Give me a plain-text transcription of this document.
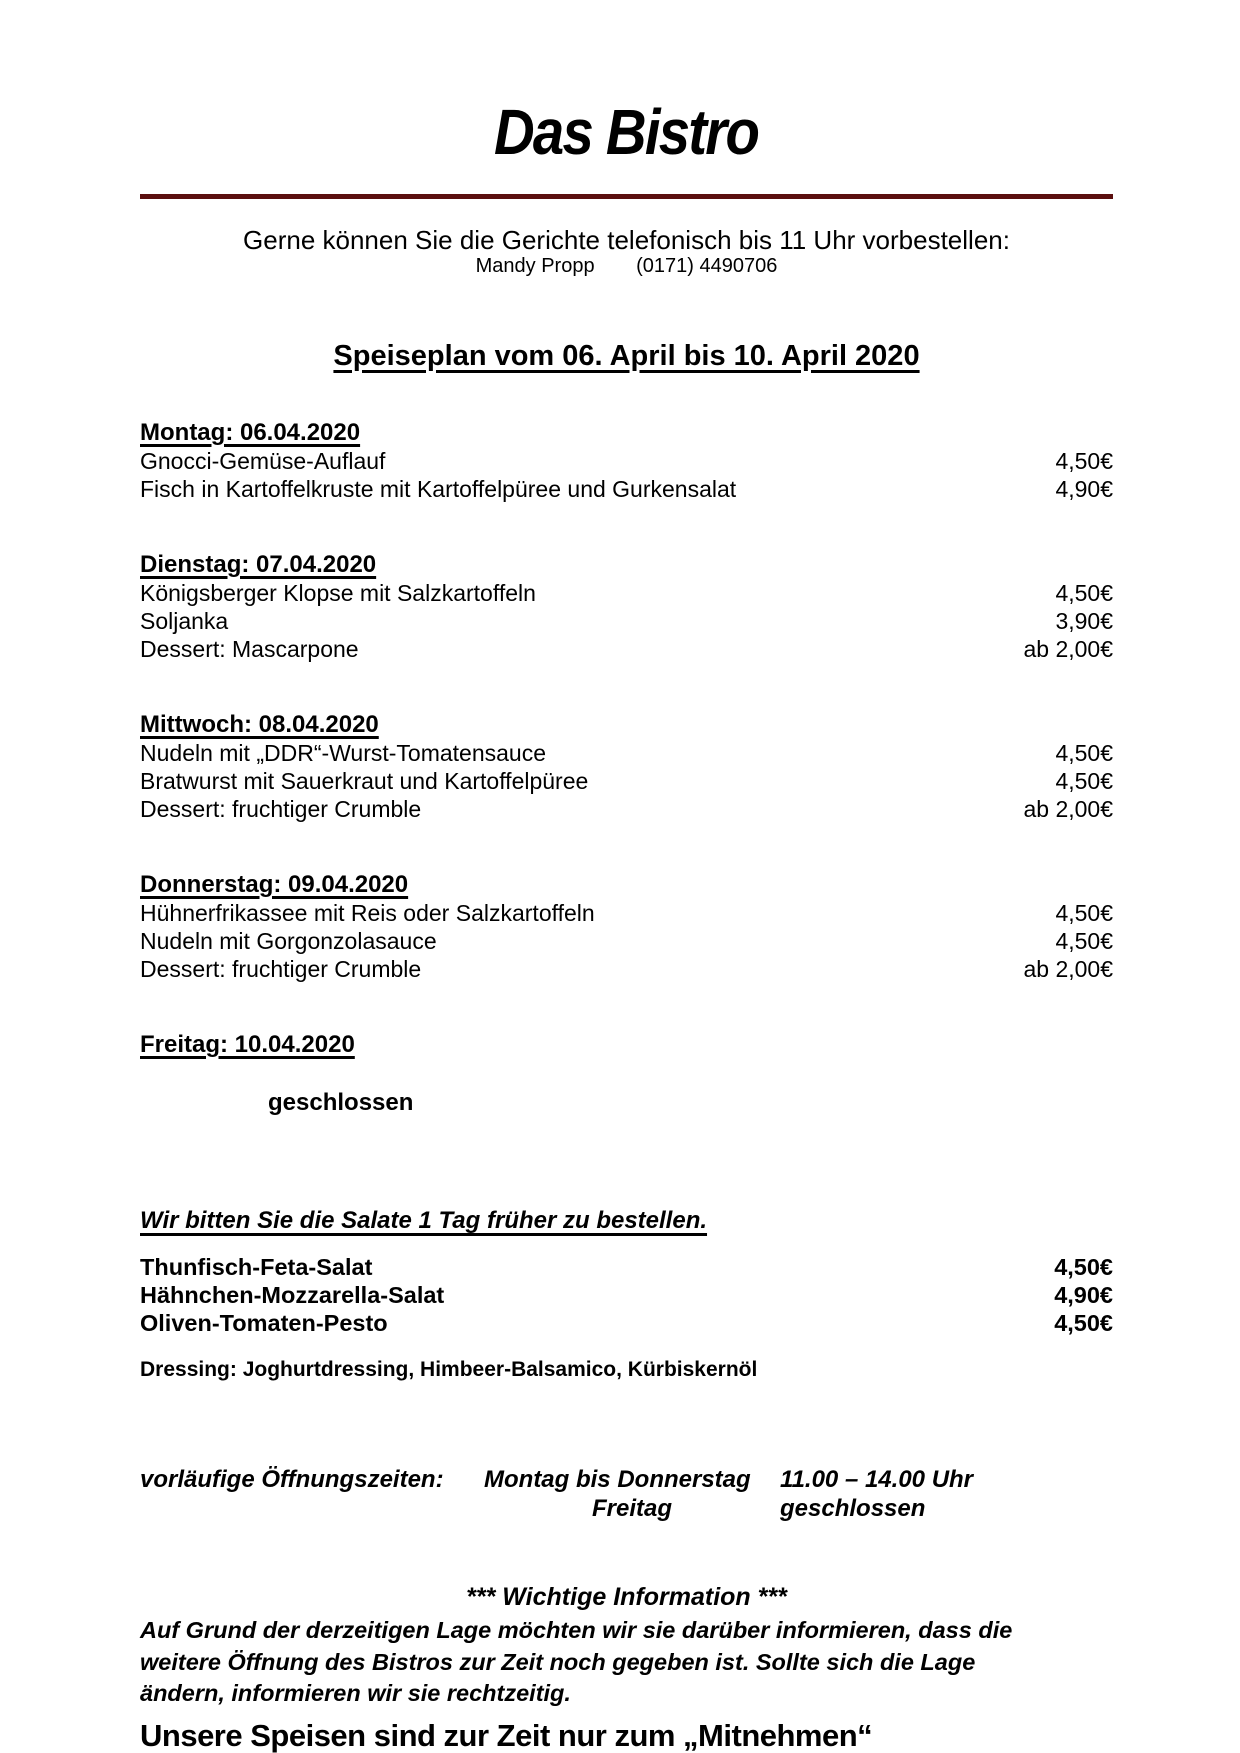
Das Bistro

Gerne können Sie die Gerichte telefonisch bis 11 Uhr vorbestellen:

Mandy Propp (0171) 4490706

Speiseplan vom 06. April bis 10. April 2020
Montag: 06.04.2020
Gnocci-Gemüse-Auflauf	4,50€
Fisch in Kartoffelkruste mit Kartoffelpüree und Gurkensalat	4,90€
Dienstag: 07.04.2020
Königsberger Klopse mit Salzkartoffeln	4,50€
Soljanka	3,90€
Dessert: Mascarpone	ab 2,00€
Mittwoch: 08.04.2020
Nudeln mit „DDR“-Wurst-Tomatensauce	4,50€
Bratwurst mit Sauerkraut und Kartoffelpüree	4,50€
Dessert: fruchtiger Crumble	ab 2,00€
Donnerstag: 09.04.2020
Hühnerfrikassee mit Reis oder Salzkartoffeln	4,50€
Nudeln mit Gorgonzolasauce	4,50€
Dessert: fruchtiger Crumble	ab 2,00€
Freitag: 10.04.2020

geschlossen

Wir bitten Sie die Salate 1 Tag früher zu bestellen.
Thunfisch-Feta-Salat	4,50€
Hähnchen-Mozzarella-Salat	4,90€
Oliven-Tomaten-Pesto	4,50€

Dressing: Joghurtdressing, Himbeer-Balsamico, Kürbiskernöl

vorläufige Öffnungszeiten:	Montag bis Donnerstag	11.00 – 14.00 Uhr
Freitag	geschlossen

*** Wichtige Information ***

Auf Grund der derzeitigen Lage möchten wir sie darüber informieren, dass die weitere Öffnung des Bistros zur Zeit noch gegeben ist. Sollte sich die Lage ändern, informieren wir sie rechtzeitig.

Unsere Speisen sind zur Zeit nur zum „Mitnehmen“
